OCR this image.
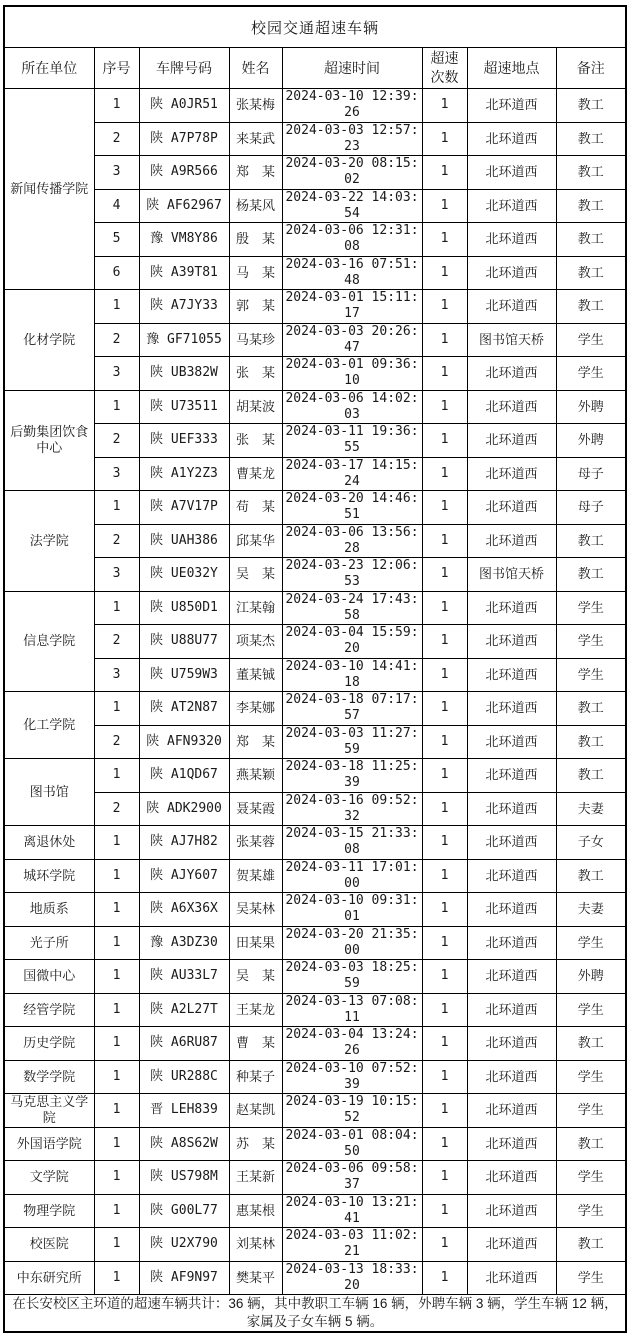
校园交通超速车辆							
所在单位	序号	车牌号码	姓名	超速时间	超速次数	超速地点	备注
新闻传播学院	1	陕 A0JR51	张某梅	2024-03-10 12:39:26	1	北环道西	教工
	2	陕 A7P78P	来某武	2024-03-03 12:57:23	1	北环道西	教工
	3	陕 A9R566	郑　某	2024-03-20 08:15:02	1	北环道西	教工
	4	陕 AF62967	杨某风	2024-03-22 14:03:54	1	北环道西	教工
	5	豫 VM8Y86	殷　某	2024-03-06 12:31:08	1	北环道西	教工
	6	陕 A39T81	马　某	2024-03-16 07:51:48	1	北环道西	教工
化材学院	1	陕 A7JY33	郭　某	2024-03-01 15:11:17	1	北环道西	教工
	2	豫 GF71055	马某珍	2024-03-03 20:26:47	1	图书馆天桥	学生
	3	陕 UB382W	张　某	2024-03-01 09:36:10	1	北环道西	学生
后勤集团饮食中心	1	陕 U73511	胡某波	2024-03-06 14:02:03	1	北环道西	外聘
	2	陕 UEF333	张　某	2024-03-11 19:36:55	1	北环道西	外聘
	3	陕 A1Y2Z3	曹某龙	2024-03-17 14:15:24	1	北环道西	母子
法学院	1	陕 A7V17P	苟　某	2024-03-20 14:46:51	1	北环道西	母子
	2	陕 UAH386	邱某华	2024-03-06 13:56:28	1	北环道西	教工
	3	陕 UE032Y	吴　某	2024-03-23 12:06:53	1	图书馆天桥	教工
信息学院	1	陕 U850D1	江某翰	2024-03-24 17:43:58	1	北环道西	学生
	2	陕 U88U77	项某杰	2024-03-04 15:59:20	1	北环道西	学生
	3	陕 U759W3	董某铖	2024-03-10 14:41:18	1	北环道西	学生
化工学院	1	陕 AT2N87	李某娜	2024-03-18 07:17:57	1	北环道西	教工
	2	陕 AFN9320	郑　某	2024-03-03 11:27:59	1	北环道西	教工
图书馆	1	陕 A1QD67	燕某颖	2024-03-18 11:25:39	1	北环道西	教工
	2	陕 ADK2900	聂某霞	2024-03-16 09:52:32	1	北环道西	夫妻
离退休处	1	陕 AJ7H82	张某蓉	2024-03-15 21:33:08	1	北环道西	子女
城环学院	1	陕 AJY607	贺某雄	2024-03-11 17:01:00	1	北环道西	教工
地质系	1	陕 A6X36X	吴某林	2024-03-10 09:31:01	1	北环道西	夫妻
光子所	1	豫 A3DZ30	田某果	2024-03-20 21:35:00	1	北环道西	学生
国微中心	1	陕 AU33L7	吴　某	2024-03-03 18:25:59	1	北环道西	外聘
经管学院	1	陕 A2L27T	王某龙	2024-03-13 07:08:11	1	北环道西	学生
历史学院	1	陕 A6RU87	曹　某	2024-03-04 13:24:26	1	北环道西	教工
数学学院	1	陕 UR288C	种某子	2024-03-10 07:52:39	1	北环道西	学生
马克思主义学院	1	晋 LEH839	赵某凯	2024-03-19 10:15:52	1	北环道西	学生
外国语学院	1	陕 A8S62W	苏　某	2024-03-01 08:04:50	1	北环道西	教工
文学院	1	陕 US798M	王某新	2024-03-06 09:58:37	1	北环道西	学生
物理学院	1	陕 G00L77	惠某根	2024-03-10 13:21:41	1	北环道西	学生
校医院	1	陕 U2X790	刘某林	2024-03-03 11:02:21	1	北环道西	教工
中东研究所	1	陕 AF9N97	樊某平	2024-03-13 18:33:20	1	北环道西	学生
在长安校区主环道的超速车辆共计：36 辆，其中教职工车辆 16 辆，外聘车辆 3 辆，学生车辆 12 辆，家属及子女车辆 5 辆。							
